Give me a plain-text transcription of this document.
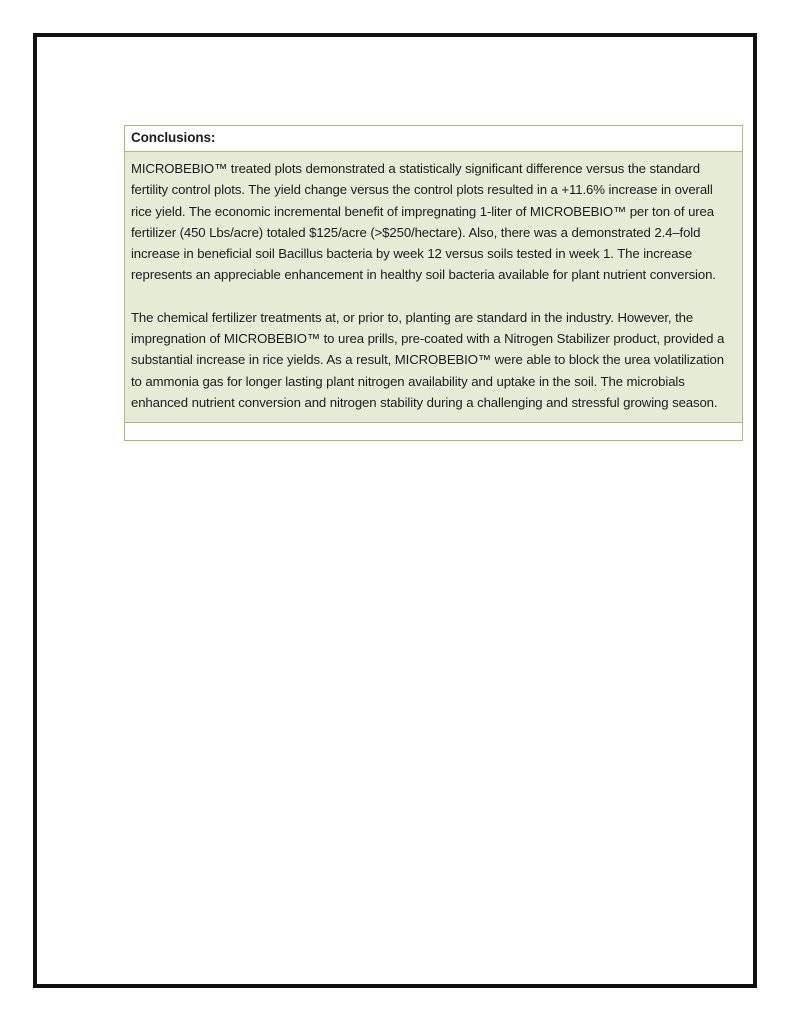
Conclusions:

MICROBEBIO™ treated plots demonstrated a statistically significant difference versus the standard fertility control plots. The yield change versus the control plots resulted in a +11.6% increase in overall rice yield. The economic incremental benefit of impregnating 1-liter of MICROBEBIO™ per ton of urea fertilizer (450 Lbs/acre) totaled $125/acre (>$250/hectare). Also, there was a demonstrated 2.4–fold increase in beneficial soil Bacillus bacteria by week 12 versus soils tested in week 1. The increase represents an appreciable enhancement in healthy soil bacteria available for plant nutrient conversion.

The chemical fertilizer treatments at, or prior to, planting are standard in the industry. However, the impregnation of MICROBEBIO™ to urea prills, pre-coated with a Nitrogen Stabilizer product, provided a substantial increase in rice yields. As a result, MICROBEBIO™ were able to block the urea volatilization to ammonia gas for longer lasting plant nitrogen availability and uptake in the soil. The microbials enhanced nutrient conversion and nitrogen stability during a challenging and stressful growing season.
